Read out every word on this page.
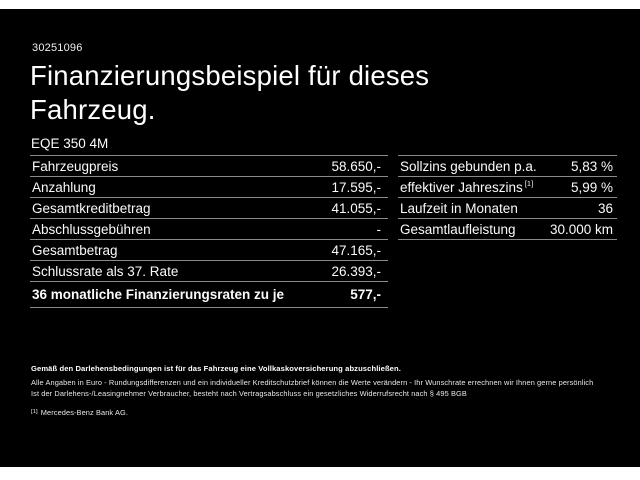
30251096
Finanzierungsbeispiel für dieses
Fahrzeug.
EQE 350 4M
Fahrzeugpreis	58.650,-
Anzahlung	17.595,-
Gesamtkreditbetrag	41.055,-
Abschlussgebühren	-
Gesamtbetrag	47.165,-
Schlussrate als 37. Rate	26.393,-
36 monatliche Finanzierungsraten zu je	577,-
Sollzins gebunden p.a.	5,83 %
effektiver Jahreszins [1]	5,99 %
Laufzeit in Monaten	36
Gesamtlaufleistung	30.000 km
Gemäß den Darlehensbedingungen ist für das Fahrzeug eine Vollkaskoversicherung abzuschließen.
Alle Angaben in Euro - Rundungsdifferenzen und ein individueller Kreditschutzbrief können die Werte verändern - Ihr Wunschrate errechnen wir Ihnen gerne persönlich
Ist der Darlehens-/Leasingnehmer Verbraucher, besteht nach Vertragsabschluss ein gesetzliches Widerrufsrecht nach § 495 BGB
[1] Mercedes-Benz Bank AG.
